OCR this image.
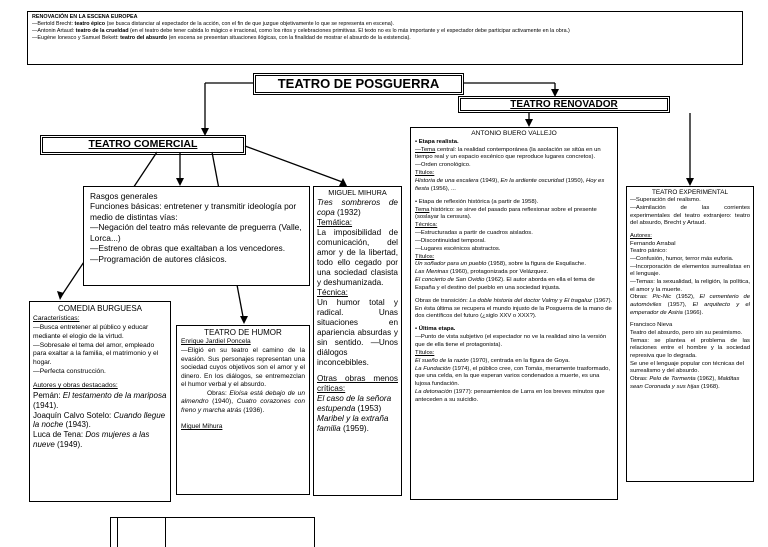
RENOVACIÓN EN LA ESCENA EUROPEA

—Bertold Brecht: teatro épico (se busca distanciar al espectador de la acción, con el fin de que juzgue objetivamente lo que se representa en escena).

—Antonin Artaud: teatro de la crueldad (en el teatro debe tener cabida lo mágico e irracional, como los ritos y celebraciones primitivas. El texto no es lo más importante y el espectador debe participar activamente en la obra.)

—Eugène Ionesco y Samuel Bekett: teatro del absurdo (en escena se presentan situaciones ilógicas, con la finalidad de mostrar el absurdo de la existencia).

TEATRO DE POSGUERRA
TEATRO RENOVADOR
TEATRO COMERCIAL

Rasgos generales

Funciones básicas: entretener y transmitir ideología por medio de distintas vías:

—Negación del teatro más relevante de preguerra (Valle, Lorca...)

—Estreno de obras que exaltaban a los vencedores.

—Programación de autores clásicos.

COMEDIA BURGUESA

Características:

—Busca entretener al público y educar mediante el elogio de la virtud.

—Sobresale el tema del amor, empleado para exaltar a la familia, el matrimonio y el hogar.

—Perfecta construcción.

Autores y obras destacados:

Pemán: El testamento de la mariposa (1941).

Joaquín Calvo Sotelo: Cuando llegue la noche (1943).

Luca de Tena: Dos mujeres a las nueve (1949).

TEATRO DE HUMOR

Enrique Jardiel Poncela

—Eligió en su teatro el camino de la evasión. Sus personajes representan una sociedad cuyos objetivos son el amor y el dinero. En los diálogos, se entremezclan el humor verbal y el absurdo.

Obras: Eloísa está debajo de un almendro (1940), Cuatro corazones con freno y marcha atrás (1936).

Miguel Mihura

MIGUEL MIHURA

Tres sombreros de copa (1932)

Temática:

La imposibilidad de comunicación, del amor y de la libertad, todo ello cegado por una sociedad clasista y deshumanizada.

Técnica:

Un humor total y radical. Unas situaciones en apariencia absurdas y sin sentido. —Unos diálogos inconcebibles.

Otras obras menos críticas:

El caso de la señora estupenda (1953)

Maribel y la extraña familia (1959).

ANTONIO BUERO VALLEJO

• Etapa realista.

—Tema central: la realidad contemporánea (la asolación se sitúa en un tiempo real y un espacio escénico que reproduce lugares concretos).

—Orden cronológico.

Títulos:

Historia de una escalera (1949), En la ardiente oscuridad (1950), Hoy es fiesta (1956), ...

• Etapa de reflexión histórica (a partir de 1958).

Tema histórico: se sirve del pasado para reflexionar sobre el presente (soslayar la censura).

Técnica:

—Estructuradas a partir de cuadros aislados.

—Discontinuidad temporal.

—Lugares escénicos abstractos.

Títulos:

Un soñador para un pueblo (1958), sobre la figura de Esquilache.

Las Meninas (1960), protagonizada por Velázquez.

El concierto de San Ovidio (1962). El autor aborda en ella el tema de España y el destino del pueblo en una sociedad injusta.

Obras de transición: La doble historia del doctor Valmy y El tragaluz (1967). En ésta última se recupera el mundo injusto de la Posguerra de la mano de dos científicos del futuro (¿siglo XXV o XXX?).

• Última etapa.

—Punto de vista subjetivo (el espectador no ve la realidad sino la versión que de ella tiene el protagonista).

Títulos:

El sueño de la razón (1970), centrada en la figura de Goya.

La Fundación (1974), el público cree, con Tomás, meramente trasformado, que una celda, en la que esperan varios condenados a muerte, es una lujosa fundación.

La detonación (1977): pensamientos de Larra en los breves minutos que anteceden a su suicidio.

TEATRO EXPERIMENTAL

—Superación del realismo.

—Asimilación de las corrientes experimentales del teatro extranjero: teatro del absurdo, Brecht y Artaud.

Autores:

Fernando Arrabal

Teatro pánico:

—Confusión, humor, terror más euforia.

—Incorporación de elementos surrealistas en el lenguaje.

—Temas: la sexualidad, la religión, la política, el amor y la muerte.

Obras: Pic-Nic (1952), El cementerio de automóviles (1957), El arquitecto y el emperador de Asiria (1966).

Francisco Nieva

Teatro del absurdo, pero sin su pesimismo.

Temas: se plantea el problema de las relaciones entre el hombre y la sociedad represiva que lo degrada.

Se une el lenguaje popular con técnicas del surrealismo y del absurdo.

Obras: Pelo de Tormenta (1962), Malditas sean Coronada y sus hijas (1968).
